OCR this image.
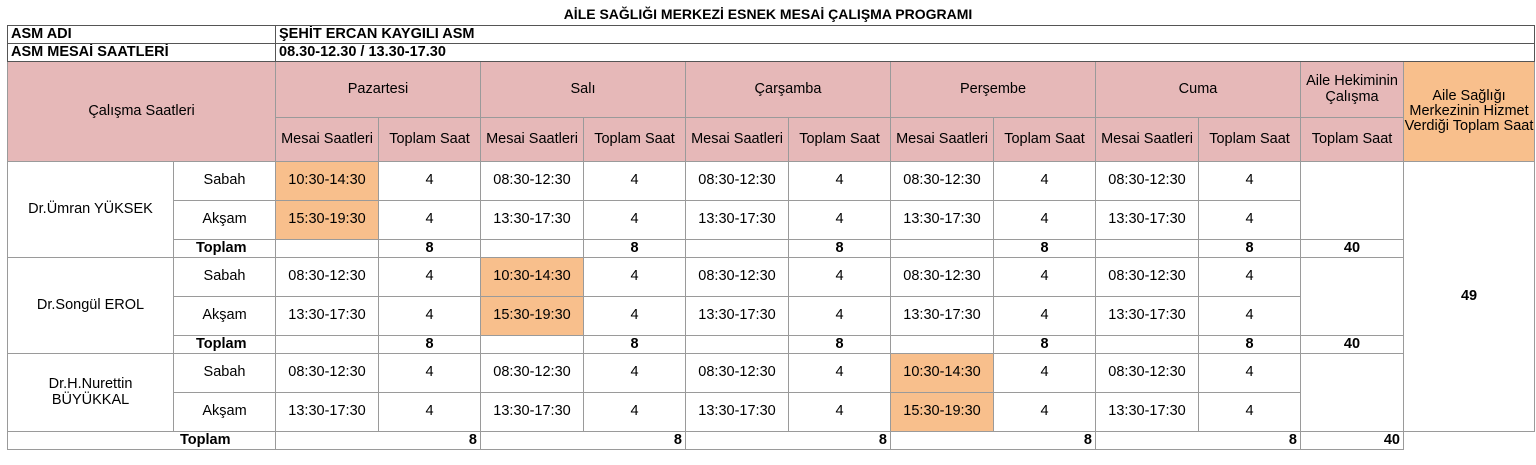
AİLE SAĞLIĞI MERKEZİ ESNEK MESAİ ÇALIŞMA PROGRAMI
ASM ADI		ŞEHİT ERCAN KAYGILI ASM											
ASM MESAİ SAATLERİ		08.30-12.30 / 13.30-17.30											
Çalışma Saatleri		Pazartesi		Salı		Çarşamba		Perşembe		Cuma		Aile Hekiminin Çalışma	Aile Sağlığı Merkezinin Hizmet Verdiği Toplam Saat
		Mesai Saatleri	Toplam Saat	Mesai Saatleri	Toplam Saat	Mesai Saatleri	Toplam Saat	Mesai Saatleri	Toplam Saat	Mesai Saatleri	Toplam Saat	Toplam Saat	
Dr.Ümran YÜKSEK	Sabah	10:30-14:30	4	08:30-12:30	4	08:30-12:30	4	08:30-12:30	4	08:30-12:30	4		49
	Akşam	15:30-19:30	4	13:30-17:30	4	13:30-17:30	4	13:30-17:30	4	13:30-17:30	4		
	Toplam		8		8		8		8		8	40	
Dr.Songül EROL	Sabah	08:30-12:30	4	10:30-14:30	4	08:30-12:30	4	08:30-12:30	4	08:30-12:30	4		
	Akşam	13:30-17:30	4	15:30-19:30	4	13:30-17:30	4	13:30-17:30	4	13:30-17:30	4		
	Toplam		8		8		8		8		8	40	
Dr.H.Nurettin BÜYÜKKAL	Sabah	08:30-12:30	4	08:30-12:30	4	08:30-12:30	4	10:30-14:30	4	08:30-12:30	4		
	Akşam	13:30-17:30	4	13:30-17:30	4	13:30-17:30	4	15:30-19:30	4	13:30-17:30	4		
Toplam		8		8		8		8		8		40	
